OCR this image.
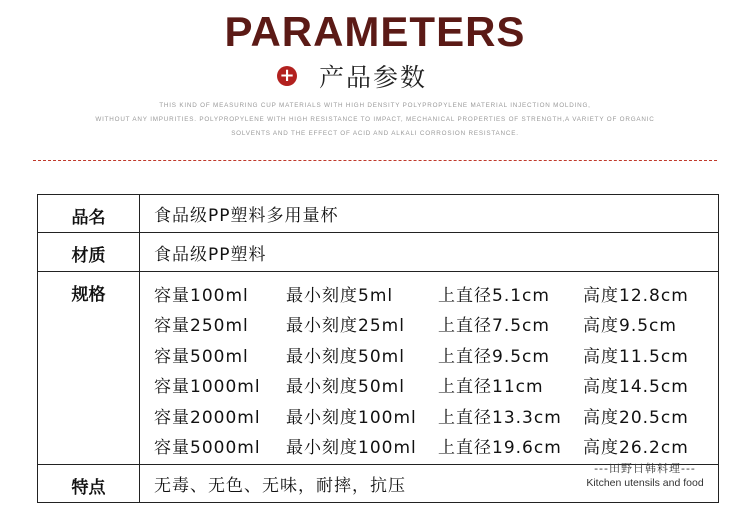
PARAMETERS
+ 产品参数
THIS KIND OF MEASURING CUP MATERIALS WITH HIGH DENSITY POLYPROPYLENE MATERIAL INJECTION MOLDING,
WITHOUT ANY IMPURITIES. POLYPROPYLENE WITH HIGH RESISTANCE TO IMPACT, MECHANICAL PROPERTIES OF STRENGTH,A VARIETY OF ORGANIC
SOLVENTS AND THE EFFECT OF ACID AND ALKALI CORROSION RESISTANCE.
品名	食品级PP塑料多用量杯
材质	食品级PP塑料
规格	容量100ml	最小刻度5ml	上直径5.1cm	高度12.8cm
容量250ml	最小刻度25ml	上直径7.5cm	高度9.5cm
容量500ml	最小刻度50ml	上直径9.5cm	高度11.5cm
容量1000ml	最小刻度50ml	上直径11cm	高度14.5cm
容量2000ml	最小刻度100ml	上直径13.3cm	高度20.5cm
容量5000ml	最小刻度100ml	上直径19.6cm	高度26.2cm
特点	无毒、无色、无味，耐摔，抗压
---田野日韩料理---
Kitchen utensils and food
